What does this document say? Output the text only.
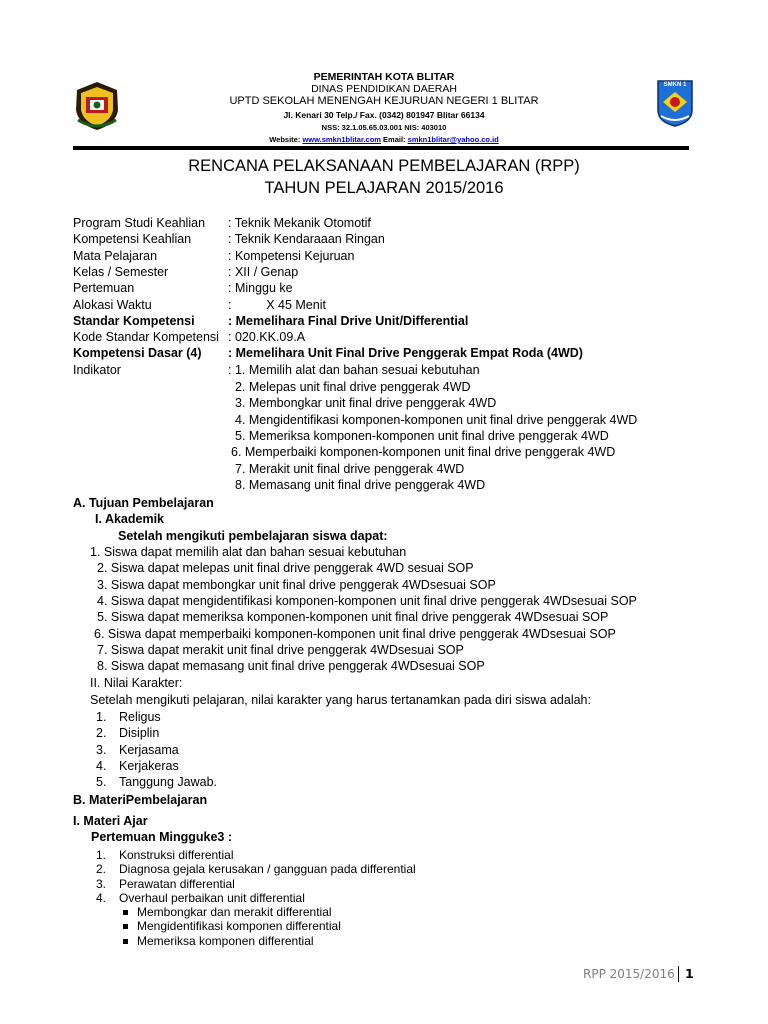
SMKN 1
PEMERINTAH KOTA BLITAR
DINAS PENDIDIKAN DAERAH
UPTD SEKOLAH MENENGAH KEJURUAN NEGERI 1 BLITAR
Jl. Kenari 30 Telp./ Fax. (0342) 801947 Blitar 66134
NSS: 32.1.05.65.03.001 NIS: 403010
Website: www.smkn1blitar.com Email: smkn1blitar@yahoo.co.id
RENCANA PELAKSANAAN PEMBELAJARAN (RPP)
TAHUN PELAJARAN 2015/2016
Program Studi Keahlian : Teknik Mekanik Otomotif
Kompetensi Keahlian	: Teknik Kendaraaan Ringan
Mata Pelajaran	: Kompetensi Kejuruan
Kelas / Semester	: XII / Genap
Pertemuan	: Minggu ke
Alokasi Waktu	:          X 45 Menit
Standar Kompetensi	: Memelihara Final Drive Unit/Differential
Kode Standar Kompetensi : 020.KK.09.A
Kompetensi Dasar (4) : Memelihara Unit Final Drive Penggerak Empat Roda (4WD)
Indikator	: 1. Memilih alat dan bahan sesuai kebutuhan
2. Melepas unit final drive penggerak 4WD
3. Membongkar unit final drive penggerak 4WD
4. Mengidentifikasi komponen-komponen unit final drive penggerak 4WD
5. Memeriksa komponen-komponen unit final drive penggerak 4WD
6. Memperbaiki komponen-komponen unit final drive penggerak 4WD
7. Merakit unit final drive penggerak 4WD
8. Memasang unit final drive penggerak 4WD
A. Tujuan Pembelajaran
I. Akademik
Setelah mengikuti pembelajaran siswa dapat:
1. Siswa dapat memilih alat dan bahan sesuai kebutuhan
2. Siswa dapat melepas unit final drive penggerak 4WD sesuai SOP
3. Siswa dapat membongkar unit final drive penggerak 4WDsesuai SOP
4. Siswa dapat mengidentifikasi komponen-komponen unit final drive penggerak 4WDsesuai SOP
5. Siswa dapat memeriksa komponen-komponen unit final drive penggerak 4WDsesuai SOP
6. Siswa dapat memperbaiki komponen-komponen unit final drive penggerak 4WDsesuai SOP
7. Siswa dapat merakit unit final drive penggerak 4WDsesuai SOP
8. Siswa dapat memasang unit final drive penggerak 4WDsesuai SOP
II. Nilai Karakter:
Setelah mengikuti pelajaran, nilai karakter yang harus tertanamkan pada diri siswa adalah:
1. Religus
2. Disiplin
3. Kerjasama
4. Kerjakeras
5. Tanggung Jawab.
B. MateriPembelajaran
I. Materi Ajar
Pertemuan Mingguke3 :
1. Konstruksi differential
2. Diagnosa gejala kerusakan / gangguan pada differential
3. Perawatan differential
4. Overhaul perbaikan unit differential
Membongkar dan merakit differential
Mengidentifikasi komponen differential
Memeriksa komponen differential
RPP 2015/2016 1
